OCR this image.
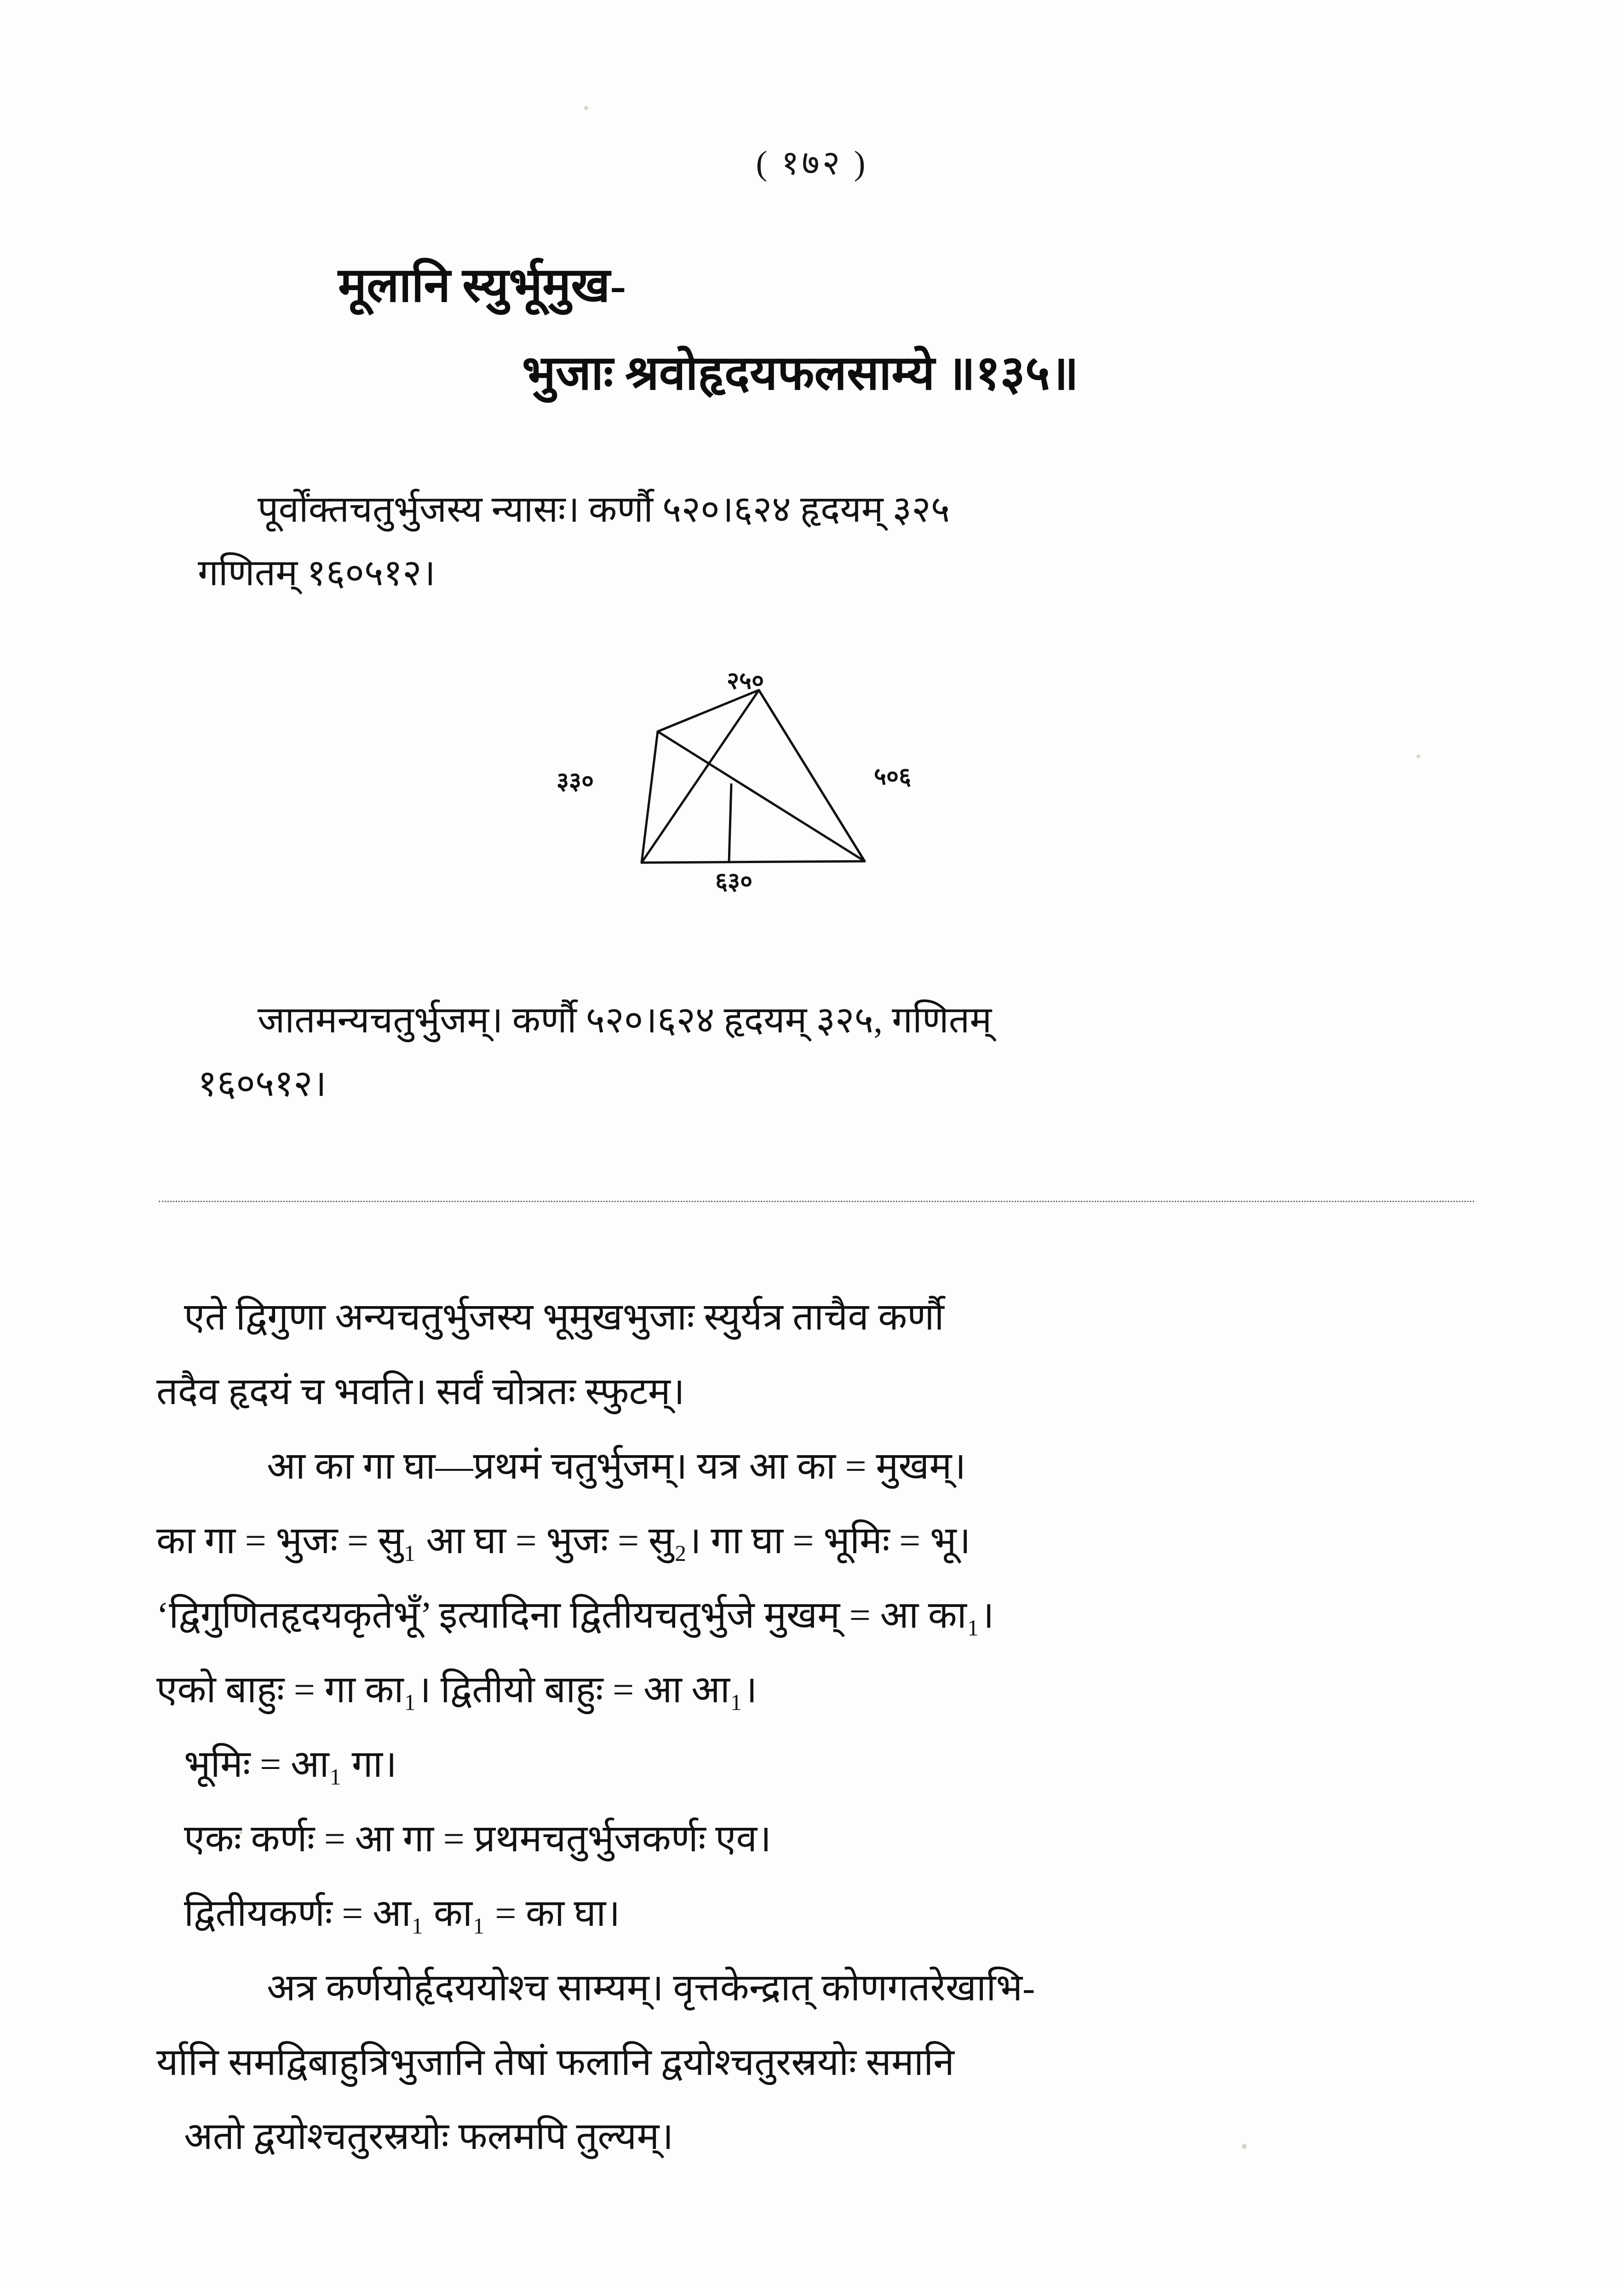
( १७२ )
मूलानि स्युर्भूमुख-
भुजाः श्रवोहृदयफलसाम्ये ॥१३५॥
पूर्वोंक्तचतुर्भुजस्य न्यासः। कर्णौ ५२०।६२४ हृदयम् ३२५
गणितम् १६०५१२।
२५०
३३०	५०६
६३०
जातमन्यचतुर्भुजम्। कर्णौ ५२०।६२४ हृदयम् ३२५, गणितम्
१६०५१२।

एते द्विगुणा अन्यचतुर्भुजस्य भूमुखभुजाः स्युर्यत्र ताचैव कर्णौ

तदैव हृदयं च भवति। सर्वं चोत्रतः स्फुटम्।

आ का गा घा—प्रथमं चतुर्भुजम्। यत्र आ का = मुखम्।

का गा = भुजः = सु₁ आ घा = भुजः = सु₂। गा घा = भूमिः = भू।

‘द्विगुणितहृदयकृतेभूँ’ इत्यादिना द्वितीयचतुर्भुजे मुखम् = आ का₁।

एको बाहुः = गा का₁। द्वितीयो बाहुः = आ आ₁।

भूमिः = आ₁ गा।

एकः कर्णः = आ गा = प्रथमचतुर्भुजकर्णः एव।

द्वितीयकर्णः = आ₁ का₁ = का घा।

अत्र कर्णयोर्हृदययोश्च साम्यम्। वृत्तकेन्द्रात् कोणगतरेखाभि-

र्यानि समद्विबाहुत्रिभुजानि तेषां फलानि द्वयोश्चतुरस्रयोः समानि

अतो द्वयोश्चतुरस्रयोः फलमपि तुल्यम्।
